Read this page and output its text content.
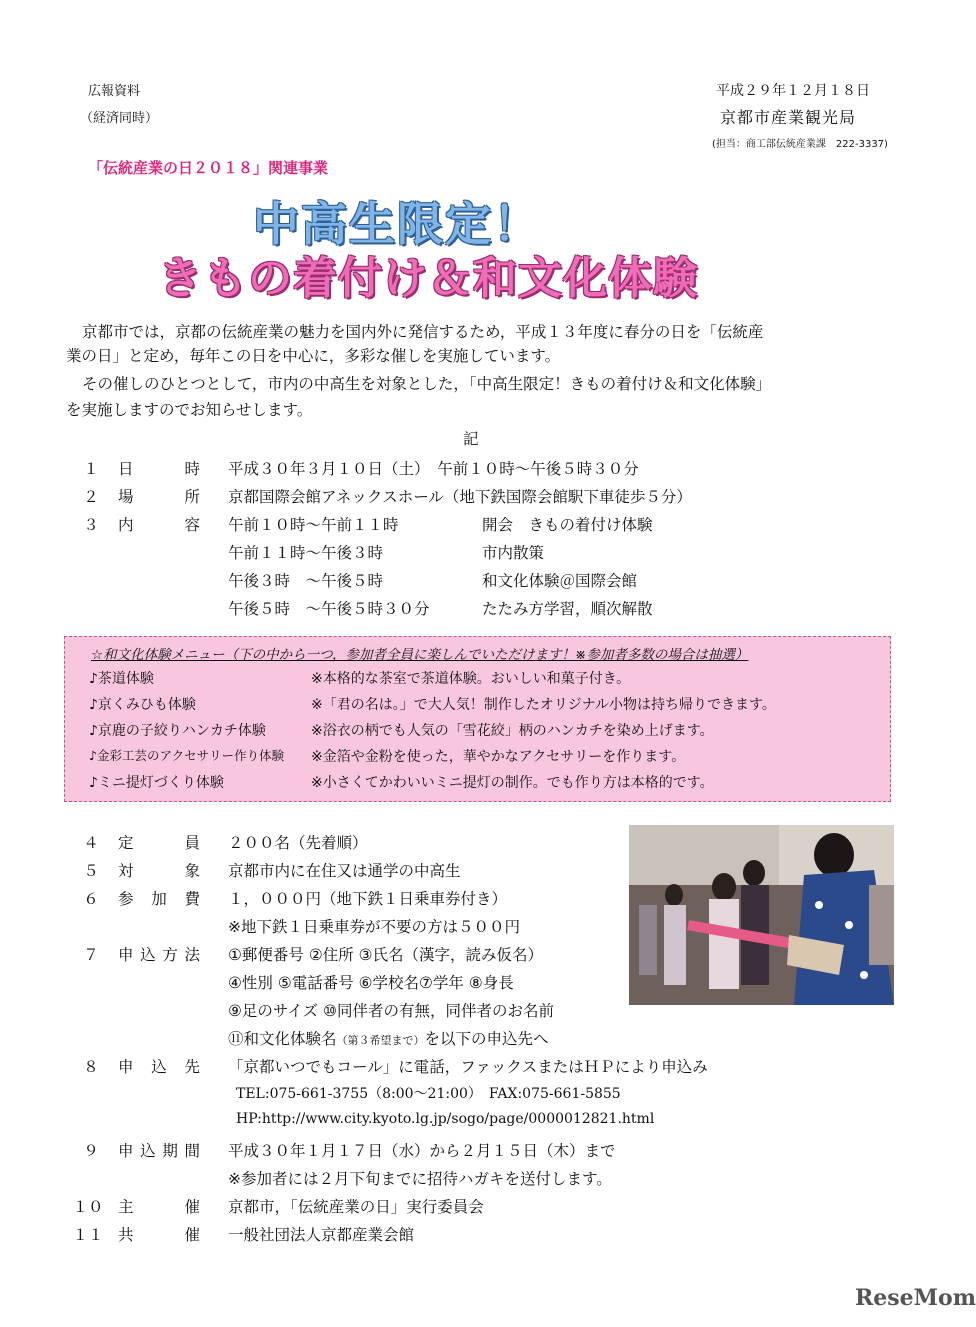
広報資料
（経済同時）
平成２９年１２月１８日
京都市産業観光局
(担当：商工部伝統産業課　222-3337)
「伝統産業の日２０１８」関連事業
中高生限定！
きもの着付け＆和文化体験
京都市では，京都の伝統産業の魅力を国内外に発信するため，平成１３年度に春分の日を「伝統産
業の日」と定め，毎年この日を中心に，多彩な催しを実施しています。
その催しのひとつとして，市内の中高生を対象とした，「中高生限定！きもの着付け＆和文化体験」
を実施しますのでお知らせします。
記
１ 日　時 平成３０年３月１０日（土）　午前１０時～午後５時３０分
２ 場　所 京都国際会館アネックスホール（地下鉄国際会館駅下車徒歩５分）
３ 内　容 午前１０時～午前１１時	開会　きもの着付け体験
午前１１時～午後３時	市内散策
午後３時　～午後５時	和文化体験＠国際会館
午後５時　～午後５時３０分	たたみ方学習，順次解散
☆和文化体験メニュー（下の中から一つ，参加者全員に楽しんでいただけます！※参加者多数の場合は抽選）
♪茶道体験	※本格的な茶室で茶道体験。おいしい和菓子付き。
♪京くみひも体験	※「君の名は。」で大人気！制作したオリジナル小物は持ち帰りできます。
♪京鹿の子絞りハンカチ体験	※浴衣の柄でも人気の「雪花絞」柄のハンカチを染め上げます。
♪金彩工芸のアクセサリー作り体験 ※金箔や金粉を使った，華やかなアクセサリーを作ります。
♪ミニ提灯づくり体験	※小さくてかわいいミニ提灯の制作。でも作り方は本格的です。
４ 定　員 ２００名（先着順）
５ 対　象 京都市内に在住又は通学の中高生
６ 参加費 １，０００円（地下鉄１日乗車券付き）
※地下鉄１日乗車券が不要の方は５００円
７ 申込方法 ①郵便番号 ②住所 ③氏名（漢字，読み仮名）
④性別 ⑤電話番号 ⑥学校名⑦学年 ⑧身長
⑨足のサイズ ⑩同伴者の有無，同伴者のお名前
⑪和文化体験名（第３希望まで）を以下の申込先へ
８ 申込先 「京都いつでもコール」に電話，ファックスまたはＨＰにより申込み
TEL:075-661-3755（8:00～21:00）　FAX:075-661-5855
HP:http://www.city.kyoto.lg.jp/sogo/page/0000012821.html
９ 申込期間 平成３０年１月１７日（水）から２月１５日（木）まで
※参加者には２月下旬までに招待ハガキを送付します。
１０ 主　催 京都市，「伝統産業の日」実行委員会
１１ 共　催 一般社団法人京都産業会館
ReseMom
